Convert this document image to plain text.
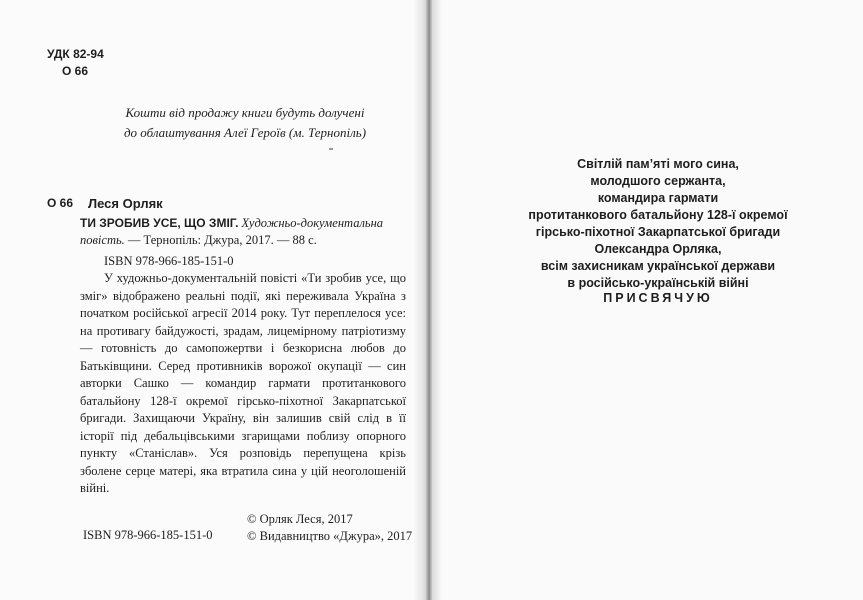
УДК 82-94
О 66
Кошти від продажу книги будуть долучені
до облаштування Алеї Героїв (м. Тернопіль)
О 66 Леся Орляк
ТИ ЗРОБИВ УСЕ, ЩО ЗМІГ. Художньо-документальна повість. — Тернопіль: Джура, 2017. — 88 с.
ISBN 978-966-185-151-0
У художньо-документальній повісті «Ти зробив усе, що зміг» відображено реальні події, які переживала Україна з початком російської агресії 2014 року. Тут переплелося усе: на противагу байдужості, зрадам, лицемірному патріотизму — готовність до самопожертви і безкорисна любов до Батьківщини. Серед противників ворожої окупації — син авторки Сашко — командир гармати протитанкового батальйону 128-ї окремої гірсько-піхотної Закарпатської бригади. Захищаючи Україну, він залишив свій слід в її історії під дебальцівськими згарищами поблизу опорного пункту «Станіслав». Уся розповідь перепущена крізь зболене серце матері, яка втратила сина у цій неоголошеній війні.
ISBN 978-966-185-151-0
© Орляк Леся, 2017
© Видавництво «Джура», 2017
Світлій пам’яті мого сина,
молодшого сержанта,
командира гармати
протитанкового батальйону 128-ї окремої
гірсько-піхотної Закарпатської бригади
Олександра Орляка,
всім захисникам української держави
в російсько-українській війні
ПРИСВЯЧУЮ
